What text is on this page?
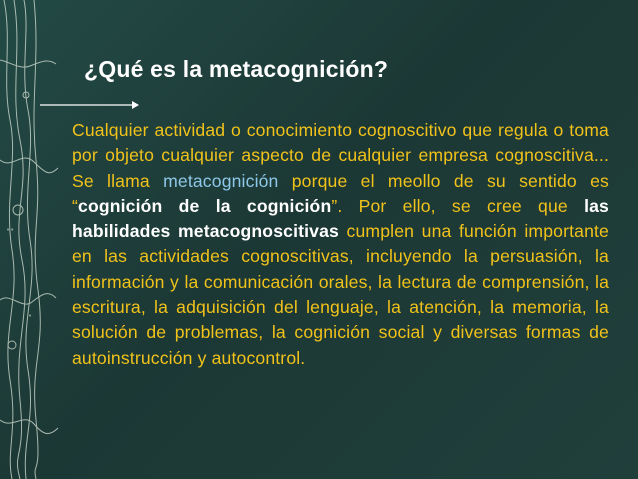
••
•
¿Qué es la metacognición?
Cualquier actividad o conocimiento cognoscitivo que regula o toma por objeto cualquier aspecto de cualquier empresa cognoscitiva... Se llama metacognición porque el meollo de su sentido es “cognición de la cognición”. Por ello, se cree que las habilidades metacognoscitivas cumplen una función importante en las actividades cognoscitivas, incluyendo la persuasión, la información y la comunicación orales, la lectura de comprensión, la escritura, la adquisición del lenguaje, la atención, la memoria, la solución de problemas, la cognición social y diversas formas de autoinstrucción y autocontrol.
